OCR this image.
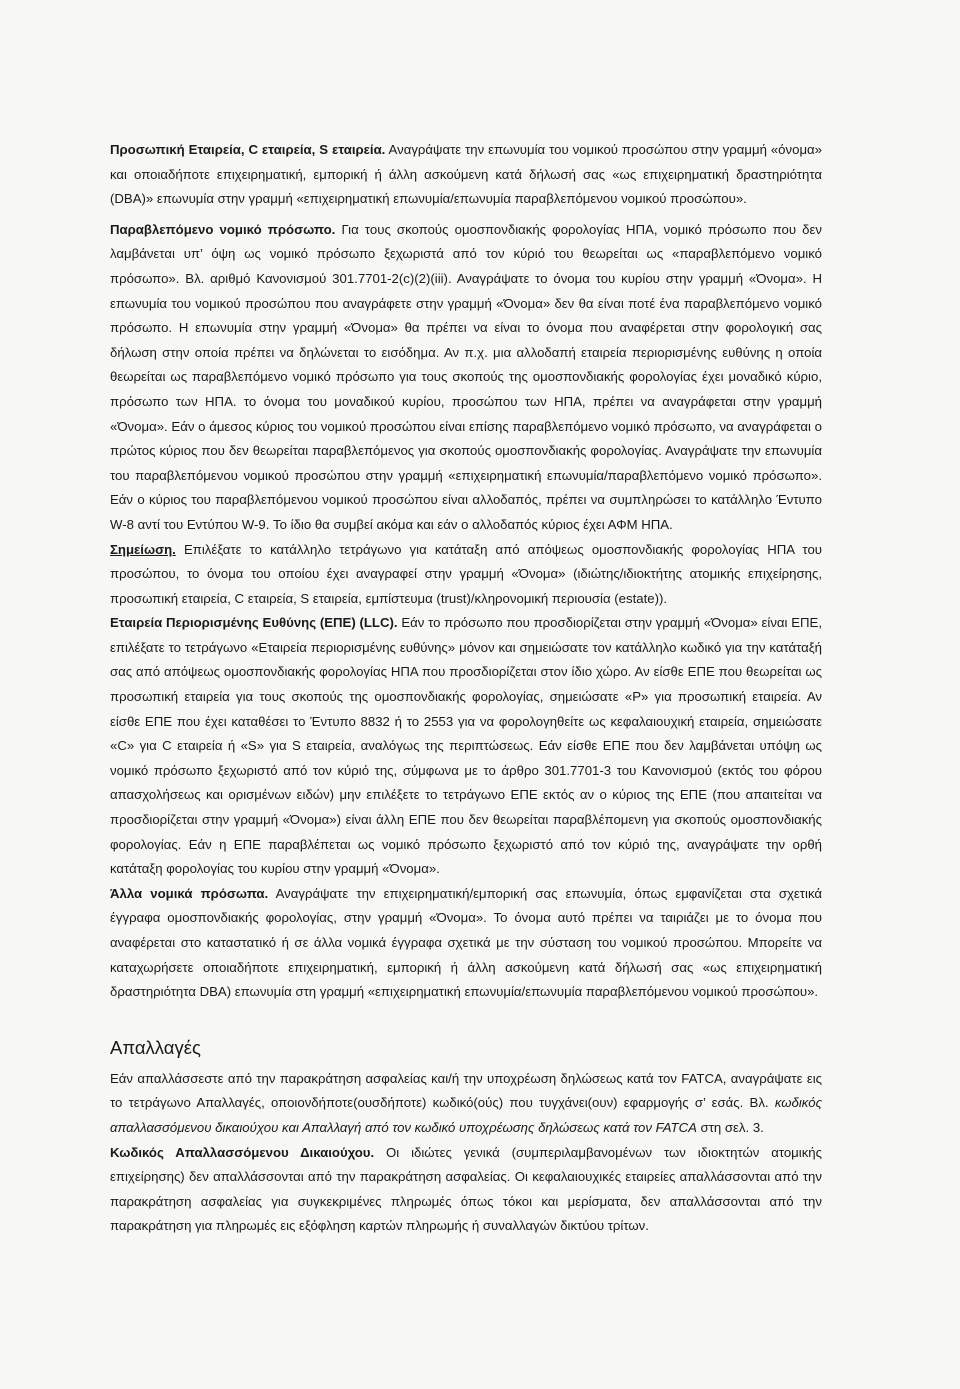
Προσωπική Εταιρεία, C εταιρεία, S εταιρεία. Αναγράψατε την επωνυμία του νομικού προσώπου στην γραμμή «όνομα» και οποιαδήποτε επιχειρηματική, εμπορική ή άλλη ασκούμενη κατά δήλωσή σας «ως επιχειρηματική δραστηριότητα (DBA)» επωνυμία στην γραμμή «επιχειρηματική επωνυμία/επωνυμία παραβλεπόμενου νομικού προσώπου».

Παραβλεπόμενο νομικό πρόσωπο. Για τους σκοπούς ομοσπονδιακής φορολογίας ΗΠΑ, νομικό πρόσωπο που δεν λαμβάνεται υπ’ όψη ως νομικό πρόσωπο ξεχωριστά από τον κύριό του θεωρείται ως «παραβλεπόμενο νομικό πρόσωπο». Βλ. αριθμό Κανονισμού 301.7701-2(c)(2)(iii). Αναγράψατε το όνομα του κυρίου στην γραμμή «Όνομα». Η επωνυμία του νομικού προσώπου που αναγράφετε στην γραμμή «Όνομα» δεν θα είναι ποτέ ένα παραβλεπόμενο νομικό πρόσωπο. Η επωνυμία στην γραμμή «Όνομα» θα πρέπει να είναι το όνομα που αναφέρεται στην φορολογική σας δήλωση στην οποία πρέπει να δηλώνεται το εισόδημα. Αν π.χ. μια αλλοδαπή εταιρεία περιορισμένης ευθύνης η οποία θεωρείται ως παραβλεπόμενο νομικό πρόσωπο για τους σκοπούς της ομοσπονδιακής φορολογίας έχει μοναδικό κύριο, πρόσωπο των ΗΠΑ. το όνομα του μοναδικού κυρίου, προσώπου των ΗΠΑ, πρέπει να αναγράφεται στην γραμμή «Όνομα». Εάν ο άμεσος κύριος του νομικού προσώπου είναι επίσης παραβλεπόμενο νομικό πρόσωπο, να αναγράφεται ο πρώτος κύριος που δεν θεωρείται παραβλεπόμενος για σκοπούς ομοσπονδιακής φορολογίας. Αναγράψατε την επωνυμία του παραβλεπόμενου νομικού προσώπου στην γραμμή «επιχειρηματική επωνυμία/παραβλεπόμενο νομικό πρόσωπο». Εάν ο κύριος του παραβλεπόμενου νομικού προσώπου είναι αλλοδαπός, πρέπει να συμπληρώσει το κατάλληλο Έντυπο W-8 αντί του Εντύπου W-9. Το ίδιο θα συμβεί ακόμα και εάν ο αλλοδαπός κύριος έχει ΑΦΜ ΗΠΑ.

Σημείωση. Επιλέξατε το κατάλληλο τετράγωνο για κατάταξη από απόψεως ομοσπονδιακής φορολογίας ΗΠΑ του προσώπου, το όνομα του οποίου έχει αναγραφεί στην γραμμή «Όνομα» (ιδιώτης/ιδιοκτήτης ατομικής επιχείρησης, προσωπική εταιρεία, C εταιρεία, S εταιρεία, εμπίστευμα (trust)/κληρονομική περιουσία (estate)).

Εταιρεία Περιορισμένης Ευθύνης (ΕΠΕ) (LLC). Εάν το πρόσωπο που προσδιορίζεται στην γραμμή «Όνομα» είναι ΕΠΕ, επιλέξατε το τετράγωνο «Εταιρεία περιορισμένης ευθύνης» μόνον και σημειώσατε τον κατάλληλο κωδικό για την κατάταξή σας από απόψεως ομοσπονδιακής φορολογίας ΗΠΑ που προσδιορίζεται στον ίδιο χώρο. Αν είσθε ΕΠΕ που θεωρείται ως προσωπική εταιρεία για τους σκοπούς της ομοσπονδιακής φορολογίας, σημειώσατε «P» για προσωπική εταιρεία. Αν είσθε ΕΠΕ που έχει καταθέσει το Έντυπο 8832 ή το 2553 για να φορολογηθείτε ως κεφαλαιουχική εταιρεία, σημειώσατε «C» για C εταιρεία ή «S» για S εταιρεία, αναλόγως της περιπτώσεως. Εάν είσθε ΕΠΕ που δεν λαμβάνεται υπόψη ως νομικό πρόσωπο ξεχωριστό από τον κύριό της, σύμφωνα με το άρθρο 301.7701-3 του Κανονισμού (εκτός του φόρου απασχολήσεως και ορισμένων ειδών) μην επιλέξετε το τετράγωνο ΕΠΕ εκτός αν ο κύριος της ΕΠΕ (που απαιτείται να προσδιορίζεται στην γραμμή «Όνομα») είναι άλλη ΕΠΕ που δεν θεωρείται παραβλέπομενη για σκοπούς ομοσπονδιακής φορολογίας. Εάν η ΕΠΕ παραβλέπεται ως νομικό πρόσωπο ξεχωριστό από τον κύριό της, αναγράψατε την ορθή κατάταξη φορολογίας του κυρίου στην γραμμή «Όνομα».

Άλλα νομικά πρόσωπα. Αναγράψατε την επιχειρηματική/εμπορική σας επωνυμία, όπως εμφανίζεται στα σχετικά έγγραφα ομοσπονδιακής φορολογίας, στην γραμμή «Όνομα». Το όνομα αυτό πρέπει να ταιριάζει με το όνομα που αναφέρεται στο καταστατικό ή σε άλλα νομικά έγγραφα σχετικά με την σύσταση του νομικού προσώπου. Μπορείτε να καταχωρήσετε οποιαδήποτε επιχειρηματική, εμπορική ή άλλη ασκούμενη κατά δήλωσή σας «ως επιχειρηματική δραστηριότητα DBA) επωνυμία στη γραμμή «επιχειρηματική επωνυμία/επωνυμία παραβλεπόμενου νομικού προσώπου».

Απαλλαγές

Εάν απαλλάσσεστε από την παρακράτηση ασφαλείας και/ή την υποχρέωση δηλώσεως κατά τον FATCA, αναγράψατε εις το τετράγωνο Απαλλαγές, οποιονδήποτε(ουσδήποτε) κωδικό(ούς) που τυγχάνει(ουν) εφαρμογής σ’ εσάς. Βλ. κωδικός απαλλασσόμενου δικαιούχου και Απαλλαγή από τον κωδικό υποχρέωσης δηλώσεως κατά τον FATCA στη σελ. 3.

Κωδικός Απαλλασσόμενου Δικαιούχου. Οι ιδιώτες γενικά (συμπεριλαμβανομένων των ιδιοκτητών ατομικής επιχείρησης) δεν απαλλάσσονται από την παρακράτηση ασφαλείας. Οι κεφαλαιουχικές εταιρείες απαλλάσσονται από την παρακράτηση ασφαλείας για συγκεκριμένες πληρωμές όπως τόκοι και μερίσματα, δεν απαλλάσσονται από την παρακράτηση για πληρωμές εις εξόφληση καρτών πληρωμής ή συναλλαγών δικτύου τρίτων.
